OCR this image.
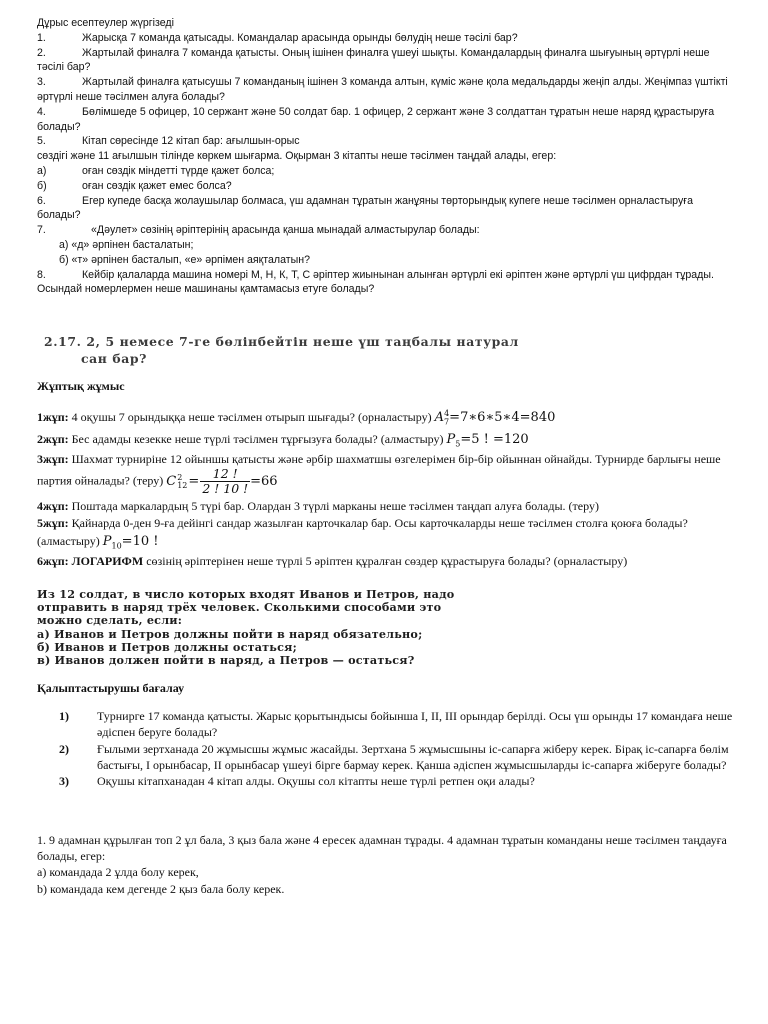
Дұрыс есептеулер жүргізеді
1.	Жарысқа 7 команда қатысады. Командалар арасында орынды бөлудің неше тәсілі бар?
2.	Жартылай финалға 7 команда қатысты. Оның ішінен финалға үшеуі шықты. Командалардың финалға шығуының әртүрлі неше тәсілі бар?
3.	Жартылай финалға қатысушы 7 команданың ішінен 3 команда алтын, күміс және қола медальдарды жеңіп алды. Жеңімпаз үштікті әртүрлі неше тәсілмен алуға болады?
4.	Бөлімшеде 5 офицер, 10 сержант және 50 солдат бар. 1 офицер, 2 сержант және 3 солдаттан тұратын неше наряд құрастыруға болады?
5.	Кітап сөресінде 12 кітап бар: ағылшын-орыс
сөздігі және 11 ағылшын тілінде көркем шығарма. Оқырман 3 кітапты неше тәсілмен таңдай алады, егер:
а)	оған сөздік міндетті түрде қажет болса;
б)	оған сөздік қажет емес болса?
6.	Егер купеде басқа жолаушылар болмаса, үш адамнан тұратын жанұяны төрторындық купеге неше тәсілмен орналастыруға болады?
7.	«Дәулет» сөзінің әріптерінің арасында қанша мынадай алмастырулар болады:
а) «д» әрпінен басталатын;
б) «т» әрпінен басталып, «е» әрпімен аяқталатын?
8.	Кейбір қалаларда машина номері М, Н, К, Т, С әріптер жиынынан алынған әртүрлі екі әріптен және әртүрлі үш цифрдан тұрады. Осындай номерлермен неше машинаны қамтамасыз етуге болады?
2.17. 2, 5 немесе 7-ге бөлінбейтін неше үш таңбалы натурал
сан бар?
Жұптық жұмыс
1жұп: 4 оқушы 7 орындыққа неше тәсілмен отырып шығады? (орналастыру) $A_7^4=7∗6∗5∗4=840$
2жұп: Бес адамды кезекке неше түрлі тәсілмен тұрғызуға болады? (алмастыру) $P_5=5$ ! =120
3жұп: Шахмат турниріне 12 ойыншы қатысты және әрбір шахматшы өзгелерімен бір-бір ойыннан ойнайды. Турнирде барлығы неше партия ойналады? (теру) C 2
$12 = \frac{12 !}{2 ! 10 !} =66$
4жұп: Поштада маркалардың 5 түрі бар. Олардан 3 түрлі марканы неше тәсілмен таңдап алуға болады. (теру)
5жұп: Қайнарда 0-ден 9-ға дейінгі сандар жазылған карточкалар бар. Осы карточкаларды неше тәсілмен столға қоюға болады? (алмастыру) $P_{10}=10$ !
6жұп: ЛОГАРИФМ сөзінің әріптерінен неше түрлі 5 әріптен құралған сөздер құрастыруға болады? (орналастыру)
Из 12 солдат, в число которых входят Иванов и Петров, надо
отправить в наряд трёх человек. Сколькими способами это
можно сделать, если:
а) Иванов и Петров должны пойти в наряд обязательно;
б) Иванов и Петров должны остаться;
в) Иванов должен пойти в наряд, а Петров — остаться?
Қалыптастырушы бағалау
1)	Турнирге 17 команда қатысты. Жарыс қорытындысы бойынша I, II, III орындар берілді. Осы үш орынды 17 командаға неше әдіспен беруге болады?
2)	Ғылыми зертханада 20 жұмысшы жұмыс жасайды. Зертхана 5 жұмысшыны іс-сапарға жіберу керек. Бірақ іс-сапарға бөлім бастығы, I орынбасар, II орынбасар үшеуі бірге бармау керек. Қанша әдіспен жұмысшыларды іс-сапарға жіберуге болады?
3)	Оқушы кітапханадан 4 кітап алды. Оқушы сол кітапты неше түрлі ретпен оқи алады?
1. 9 адамнан құрылған топ 2 ұл бала, 3 қыз бала және 4 ересек адамнан тұрады. 4 адамнан тұратын команданы неше тәсілмен таңдауға болады, егер:
a) командада 2 ұлда болу керек,
b) командада кем дегенде 2 қыз бала болу керек.
